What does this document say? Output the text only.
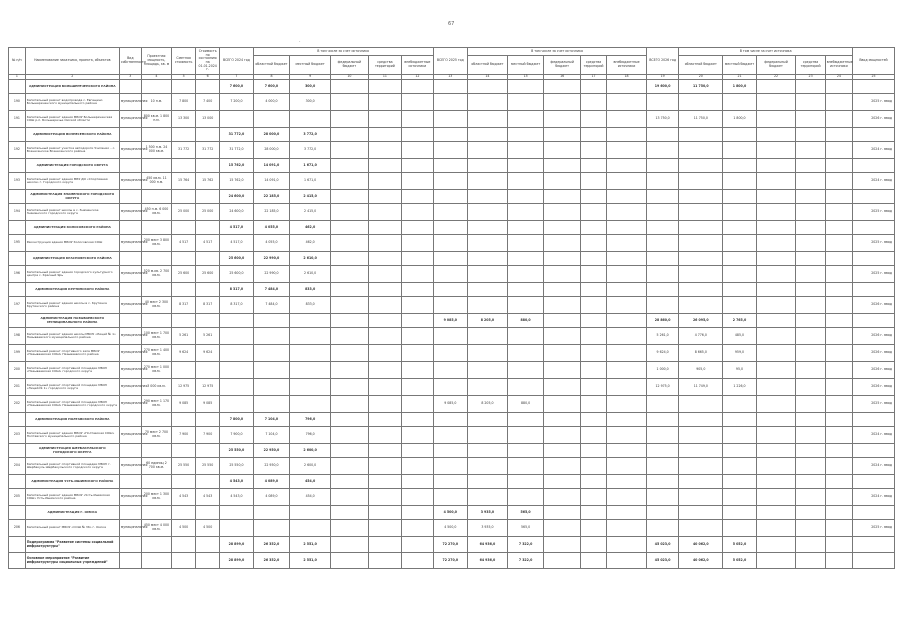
67
·
№ п/п	Наименование заказчика, проекта, объектов	Вид собственности	Проектная мощность, площадь, кв. м	Сметная стоимость	Стоимость по состоянию на 01.01.2024 г.	ВСЕГО 2024 год	В том числе за счет источника					ВСЕГО 2025 год	В том числе за счет источника					ВСЕГО 2026 год	В том числе за счет источника					Ввод мощностей
							областной бюджет	местный бюджет	федеральный бюджет	средства территорий	внебюджетные источники		областной бюджет	местный бюджет	федеральный бюджет	средства территорий	внебюджетные источники		областной бюджет	местный бюджет	федеральный бюджет	средства территорий	внебюджетные источники	
1	2	3	4	5	6	7	8	9	10	11	12	13	14	15	16	17	18	19	20	21	22	23	24	25
	АДМИНИСТРАЦИЯ БОЛЬШЕРЕЧЕНСКОГО РАЙОНА					7 600,0	7 600,0	300,0										19 600,0	11 750,0	1 800,0				
190	Капитальный ремонт водопровода с. Евгащино Большереченского муниципального района	муниципальная	10 п.м.	7 800	7 400	7 200,0	4 000,0	300,0																2025 г. ввод
191	Капитальный ремонт здания МБОУ Большереченская СОШ р.п. Большеречье Омской области	муниципальная	800 кв.м. 1 800 п.м.	13 300	13 000													13 750,0	11 750,0	1 800,0				2026 г. ввод
	АДМИНИСТРАЦИЯ ВОЗНЕСЕНСКОГО РАЙОНА					31 772,0	28 000,0	3 772,0																
192	Капитальный ремонт участка автодороги Училенко – с. Вознесенское Вознесенского района	муниципальная	1 500 п.м. 24 000 кв.м.	31 772	31 772	31 772,0	28 000,0	3 772,0																2024 г. ввод
	АДМИНИСТРАЦИЯ ГОРОДСКОГО ОКРУГА					15 762,0	14 091,0	1 671,0																
193	Капитальный ремонт здания МБУ ДО «Спортивная школа» г. Городского округа	муниципальная	450 кв.м. 11 000 п.м.	15 764	15 762	15 762,0	14 091,0	1 671,0																2024 г. ввод
	АДМИНИСТРАЦИЯ ЗНАМЕНСКОГО ГОРОДСКОГО ОКРУГА					24 600,0	22 185,0	2 415,0																
194	Капитальный ремонт школы в с. Знаменское Знаменского городского округа	муниципальная	450 п.м. 6 000 кв.м.	25 000	25 000	24 600,0	22 185,0	2 415,0																2025 г. ввод
	АДМИНИСТРАЦИЯ КОЛОСОВСКОГО РАЙОНА					4 517,0	4 055,0	462,0																
195	Реконструкция здания МБОУ Колосовская СОШ	муниципальная	200 мест 3 800 кв.м.	4 517	4 517	4 517,0	4 055,0	462,0																2025 г. ввод
	АДМИНИСТРАЦИЯ КРАСНОЯРСКОГО РАЙОНА					25 600,0	22 990,0	2 610,0																
196	Капитальный ремонт здания городского культурного центра с. Красный Ярь	муниципальная	520 м.кв. 2 700 кв.м.	25 600	25 600	25 600,0	22 990,0	2 610,0																2025 г. ввод
	АДМИНИСТРАЦИЯ КРУТИНСКОГО РАЙОНА					8 317,0	7 484,0	833,0																
197	Капитальный ремонт здания школы в с. Крутинка Крутинского района	муниципальная	40 мест 2 300 кв.м.	8 317	8 317	8 317,0	7 484,0	833,0																2026 г. ввод
	АДМИНИСТРАЦИЯ НАЗЫВАЕВСКОГО МУНИЦИПАЛЬНОГО РАЙОНА											9 085,0	8 205,0	880,0				28 860,0	26 095,0	2 765,0				
198	Капитальный ремонт здания школы МБОУ «Лицей № 1» Называевского муниципального района	муниципальная	100 мест 1 700 кв.м.	5 261	5 261													5 261,0	4 776,0	485,0				2026 г. ввод
199	Капитальный ремонт спортивного зала МБОУ «Называевская СОШ» Называевского района	муниципальная	270 мест 1 400 кв.м.	9 624	9 624													9 624,0	8 665,0	959,0				2026 г. ввод
200	Капитальный ремонт спортивной площадки МБОУ «Называевская СОШ» городского округа	муниципальная	270 мест 1 000 кв.м.															1 000,0	905,0	95,0				2026 г. ввод
201	Капитальный ремонт спортивной площадки МБОУ «Лицей № 1» городского округа	муниципальная	3 000 кв.м.	12 975	12 975													12 975,0	11 749,0	1 226,0				2026 г. ввод
202	Капитальный ремонт спортивной площадки МБОУ «Называевская СОШ» Называевского городского округа	муниципальная	290 мест 1 170 кв.м.	9 085	9 085							9 085,0	8 205,0	880,0										2025 г. ввод
	АДМИНИСТРАЦИЯ ПОЛТАВСКОГО РАЙОНА					7 800,0	7 104,0	796,0																
203	Капитальный ремонт здания МБОУ «Полтавская СОШ» Полтавского муниципального района	муниципальная	70 мест 2 700 кв.м.	7 900	7 900	7 900,0	7 104,0	796,0																2024 г. ввод
	АДМИНИСТРАЦИЯ ШЕРБАКУЛЬСКОГО ГОРОДСКОГО ОКРУГА					25 550,0	22 950,0	2 600,0																
204	Капитальный ремонт спортивной площадки МБОУ г. Шербакуль Шербакульского городского округа	муниципальная	60 единиц 2 700 кв.м.	25 550	25 550	25 550,0	22 950,0	2 600,0																2024 г. ввод
	АДМИНИСТРАЦИЯ УСТЬ-ИШИМСКОГО РАЙОНА					4 543,0	4 089,0	454,0																
205	Капитальный ремонт здания МБОУ «Усть-Ишимская СОШ» Усть-Ишимского района	муниципальная	200 мест 1 300 кв.м.	4 543	4 543	4 543,0	4 089,0	454,0																2024 г. ввод
	АДМИНИСТРАЦИЯ Г. ОМСКА											4 500,0	3 935,0	565,0										
206	Капитальный ремонт МБОУ «СОШ № 36» г. Омска	муниципальная	450 мест 4 000 кв.м.	4 500	4 500							4 500,0	3 935,0	565,0										2025 г. ввод
	Подпрограмма "Развитие системы социальной инфраструктуры"					28 899,0	26 352,0	2 551,0				72 270,0	64 936,0	7 322,0				45 023,0	40 062,0	5 052,0				
	Основное мероприятие "Развитие инфраструктуры социальных учреждений"					28 899,0	26 352,0	2 551,0				72 270,0	64 936,0	7 322,0				45 023,0	40 062,0	5 052,0				
